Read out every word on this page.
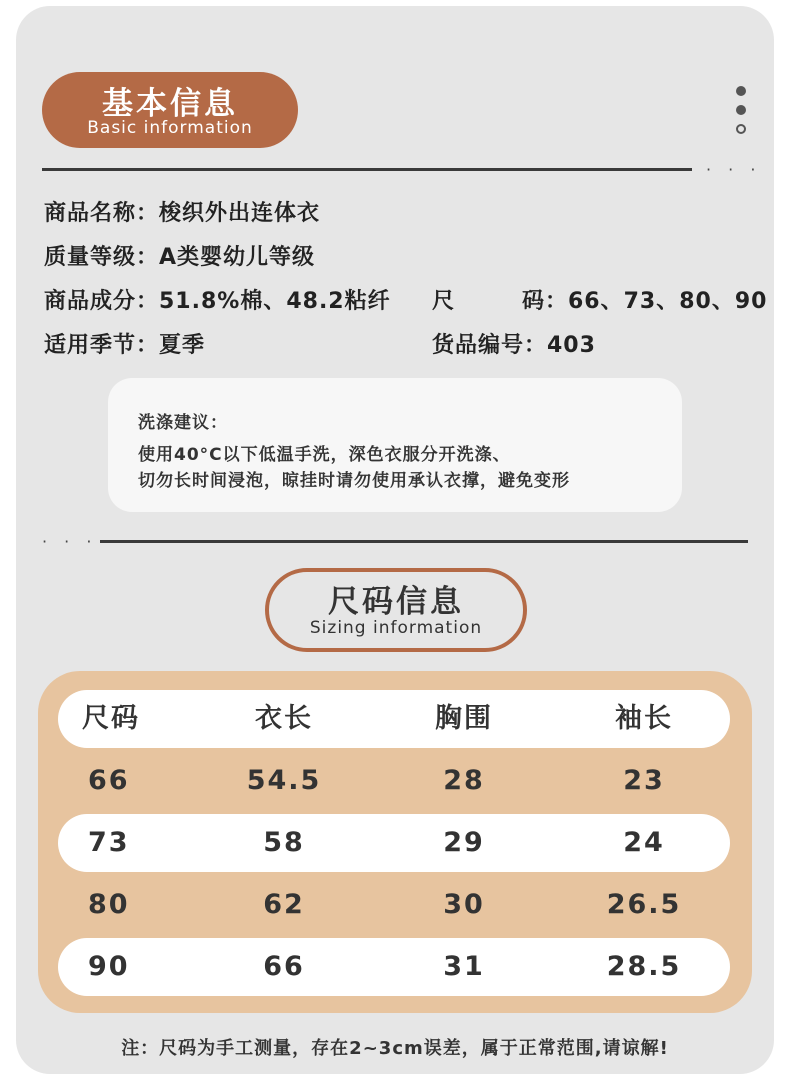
基本信息
Basic information
· · ·
商品名称：梭织外出连体衣
质量等级：A类婴幼儿等级
商品成分：51.8%棉、48.2粘纤 尺	码：66、73、80、90
适用季节：夏季	货品编号：403
洗涤建议：
使用40°C以下低温手洗，深色衣服分开洗涤、
切勿长时间浸泡，晾挂时请勿使用承认衣撑，避免变形
· · ·
尺码信息
Sizing information
尺码	衣长	胸围	袖长
66	54.5	28	23
73	58	29	24
80	62	30	26.5
90	66	31	28.5
注：尺码为手工测量，存在2~3cm误差，属于正常范围,请谅解!
